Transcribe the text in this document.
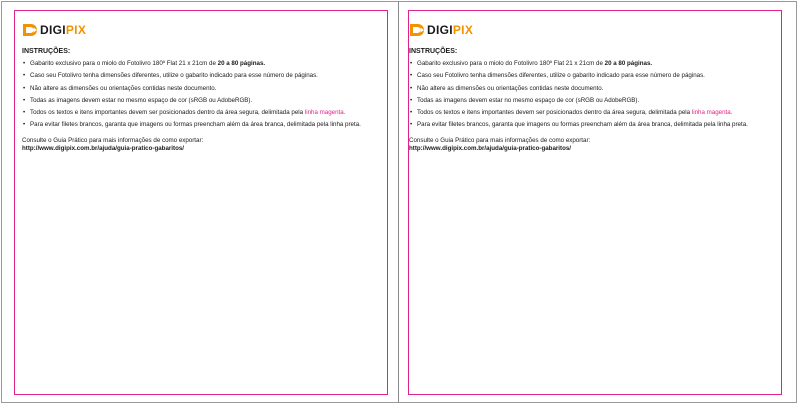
DIGIPIX
INSTRUÇÕES:
• Gabarito exclusivo para o miolo do Fotolivro 180º Flat 21 x 21cm de 20 a 80 páginas.
• Caso seu Fotolivro tenha dimensões diferentes, utilize o gabarito indicado para esse número de páginas.
• Não altere as dimensões ou orientações contidas neste documento.
• Todas as imagens devem estar no mesmo espaço de cor (sRGB ou AdobeRGB).
• Todos os textos e itens importantes devem ser posicionados dentro da área segura, delimitada pela linha magenta.
• Para evitar filetes brancos, garanta que imagens ou formas preencham além da área branca, delimitada pela linha preta.
Consulte o Guia Prático para mais informações de como exportar:
http://www.digipix.com.br/ajuda/guia-pratico-gabaritos/
DIGIPIX
INSTRUÇÕES:
• Gabarito exclusivo para o miolo do Fotolivro 180º Flat 21 x 21cm de 20 a 80 páginas.
• Caso seu Fotolivro tenha dimensões diferentes, utilize o gabarito indicado para esse número de páginas.
• Não altere as dimensões ou orientações contidas neste documento.
• Todas as imagens devem estar no mesmo espaço de cor (sRGB ou AdobeRGB).
• Todos os textos e itens importantes devem ser posicionados dentro da área segura, delimitada pela linha magenta.
• Para evitar filetes brancos, garanta que imagens ou formas preencham além da área branca, delimitada pela linha preta.
Consulte o Guia Prático para mais informações de como exportar:
http://www.digipix.com.br/ajuda/guia-pratico-gabaritos/
